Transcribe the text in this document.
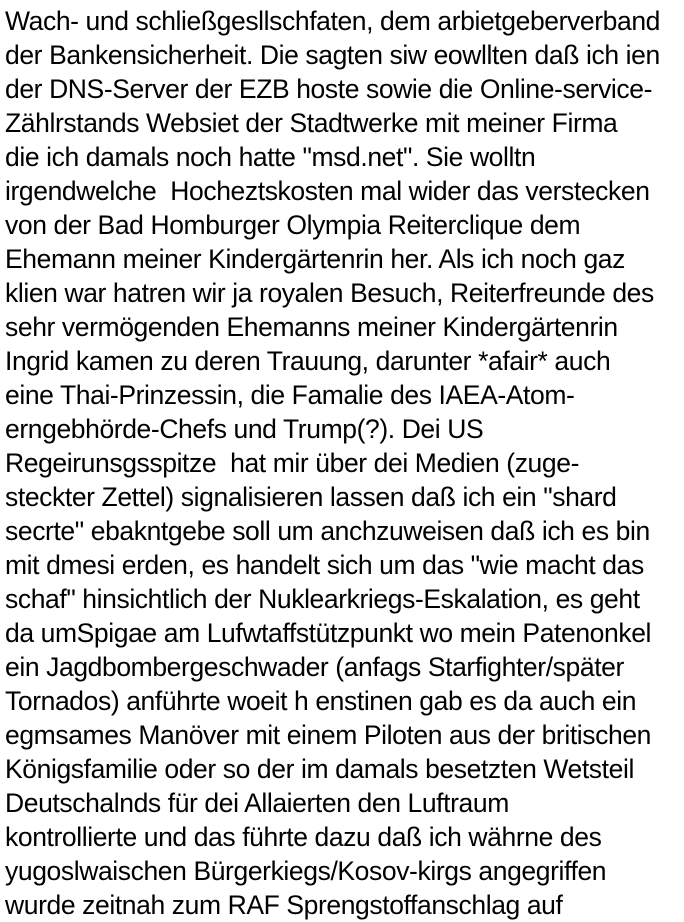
Wach- und schließgesllschfaten, dem arbietgeberverband
der Bankensicherheit. Die sagten siw eowllten daß ich ien
der DNS-Server der EZB hoste sowie die Online-service-
Zählrstands Websiet der Stadtwerke mit meiner Firma
die ich damals noch hatte "msd.net". Sie wolltn
irgendwelche  Hocheztskosten mal wider das verstecken
von der Bad Homburger Olympia Reiterclique dem
Ehemann meiner Kindergärtenrin her. Als ich noch gaz
klien war hatren wir ja royalen Besuch, Reiterfreunde des
sehr vermögenden Ehemanns meiner Kindergärtenrin
Ingrid kamen zu deren Trauung, darunter *afair* auch
eine Thai-Prinzessin, die Famalie des IAEA-Atom-
erngebhörde-Chefs und Trump(?). Dei US
Regeirunsgsspitze  hat mir über dei Medien (zuge-
steckter Zettel) signalisieren lassen daß ich ein "shard
secrte" ebakntgebe soll um anchzuweisen daß ich es bin
mit dmesi erden, es handelt sich um das "wie macht das
schaf" hinsichtlich der Nuklearkriegs-Eskalation, es geht
da umSpigae am Lufwtaffstützpunkt wo mein Patenonkel
ein Jagdbombergeschwader (anfags Starfighter/später
Tornados) anführte woeit h enstinen gab es da auch ein
egmsames Manöver mit einem Piloten aus der britischen
Königsfamilie oder so der im damals besetzten Wetsteil
Deutschalnds für dei Allaierten den Luftraum
kontrollierte und das führte dazu daß ich währne des
yugoslwaischen Bürgerkiegs/Kosov-kirgs angegriffen
wurde zeitnah zum RAF Sprengstoffanschlag auf
